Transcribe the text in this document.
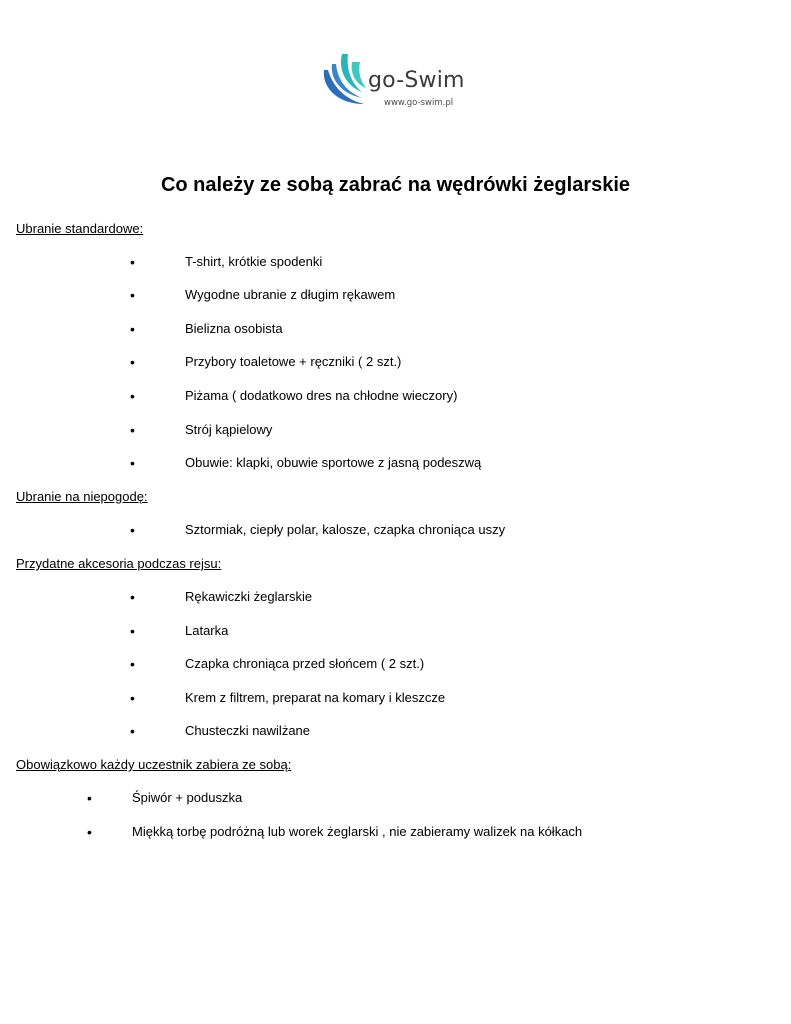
go-Swim
www.go-swim.pl
Co należy ze sobą zabrać na wędrówki żeglarskie

Ubranie standardowe:

•	T-shirt, krótkie spodenki
•	Wygodne ubranie z długim rękawem
•	Bielizna osobista
•	Przybory toaletowe + ręczniki ( 2 szt.)
•	Piżama ( dodatkowo dres na chłodne wieczory)
•	Strój kąpielowy
•	Obuwie: klapki, obuwie sportowe z jasną podeszwą

Ubranie na niepogodę:

•	Sztormiak, ciepły polar, kalosze, czapka chroniąca uszy

Przydatne akcesoria podczas rejsu:

•	Rękawiczki żeglarskie
•	Latarka
•	Czapka chroniąca przed słońcem ( 2 szt.)
•	Krem z filtrem, preparat na komary i kleszcze
•	Chusteczki nawilżane

Obowiązkowo każdy uczestnik zabiera ze sobą:

•	Śpiwór + poduszka
•	Miękką torbę podróżną lub worek żeglarski , nie zabieramy walizek na kółkach
